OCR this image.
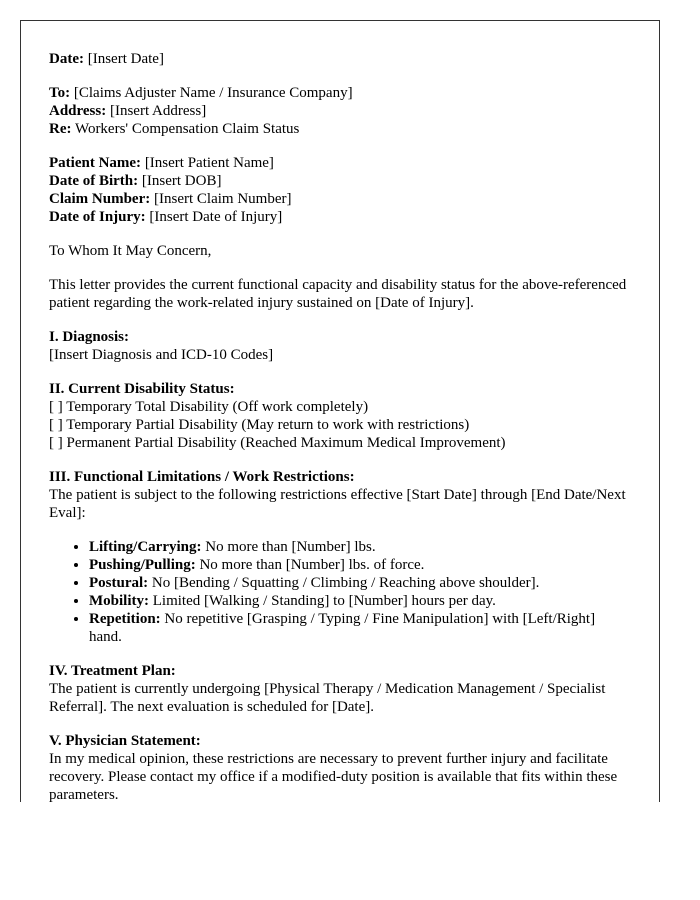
Date: [Insert Date]

To: [Claims Adjuster Name / Insurance Company]
Address: [Insert Address]
Re: Workers' Compensation Claim Status

Patient Name: [Insert Patient Name]
Date of Birth: [Insert DOB]
Claim Number: [Insert Claim Number]
Date of Injury: [Insert Date of Injury]

To Whom It May Concern,

This letter provides the current functional capacity and disability status for the above-referenced patient regarding the work-related injury sustained on [Date of Injury].

I. Diagnosis:
[Insert Diagnosis and ICD-10 Codes]

II. Current Disability Status:
[ ] Temporary Total Disability (Off work completely)
[ ] Temporary Partial Disability (May return to work with restrictions)
[ ] Permanent Partial Disability (Reached Maximum Medical Improvement)

III. Functional Limitations / Work Restrictions:
The patient is subject to the following restrictions effective [Start Date] through [End Date/Next Eval]:
• Lifting/Carrying: No more than [Number] lbs.
• Pushing/Pulling: No more than [Number] lbs. of force.
• Postural: No [Bending / Squatting / Climbing / Reaching above shoulder].
• Mobility: Limited [Walking / Standing] to [Number] hours per day.
• Repetition: No repetitive [Grasping / Typing / Fine Manipulation] with [Left/Right] hand.

IV. Treatment Plan:
The patient is currently undergoing [Physical Therapy / Medication Management / Specialist Referral]. The next evaluation is scheduled for [Date].

V. Physician Statement:
In my medical opinion, these restrictions are necessary to prevent further injury and facilitate recovery. Please contact my office if a modified-duty position is available that fits within these parameters.
